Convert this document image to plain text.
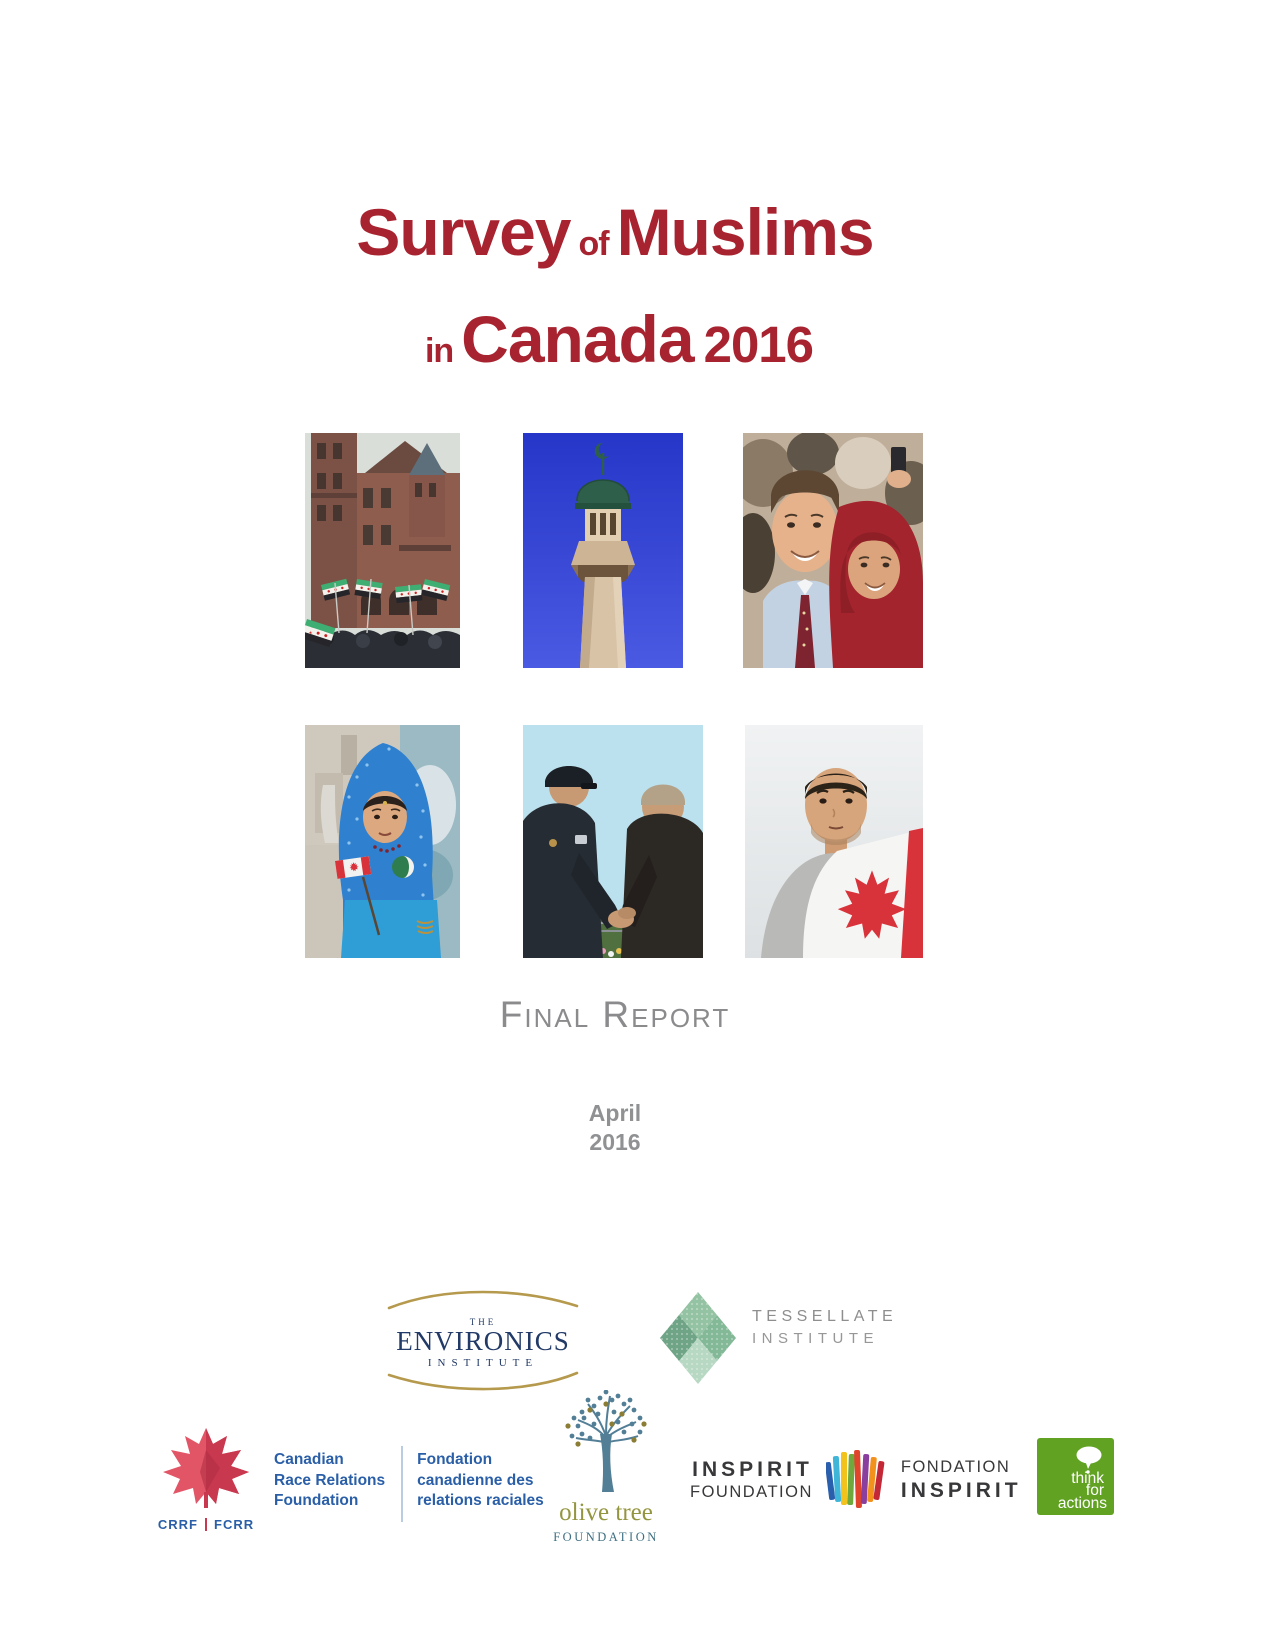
Survey of Muslims
in Canada 2016
Final Report
April
2016
THE
ENVIRONICS
INSTITUTE
TESSELLATE
INSTITUTE
CRRF FCRR
Canadian
Race Relations
Foundation
Fondation
canadienne des
relations raciales olive tree
FOUNDATION
INSPIRIT
FOUNDATION
FONDATION
INSPIRIT
think
for
actions
